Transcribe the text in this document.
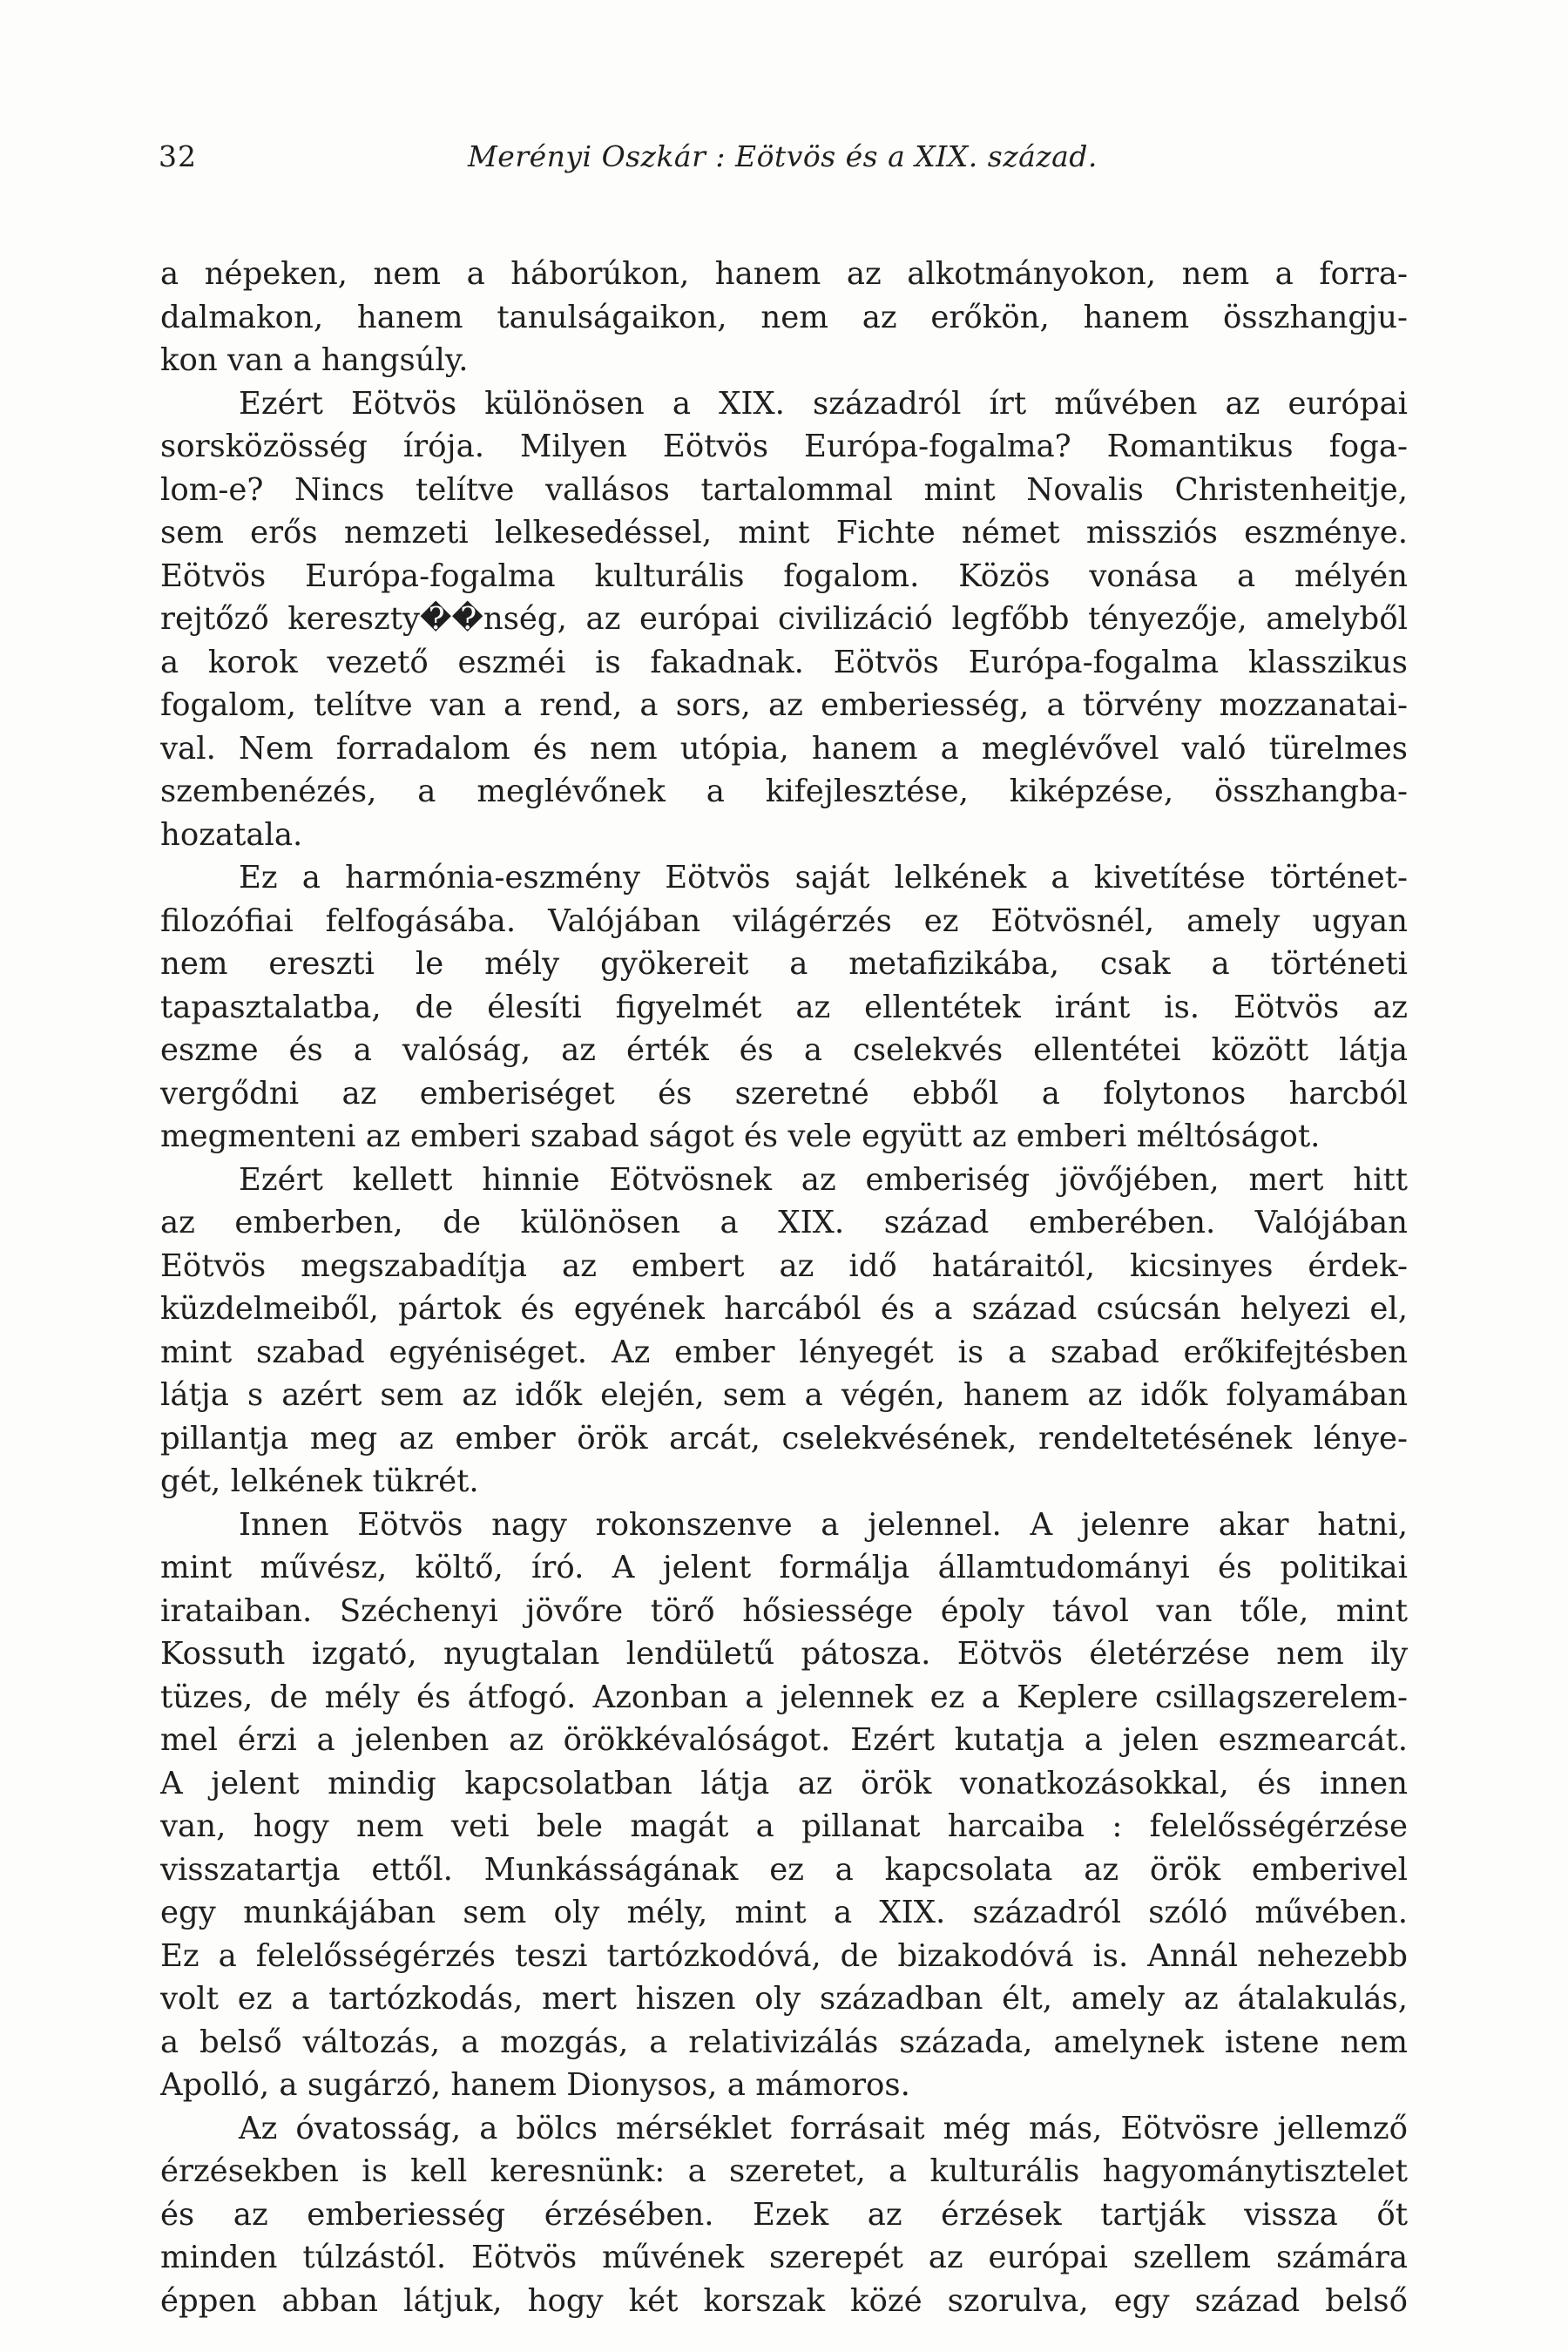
32	Merényi Oszkár : Eötvös és a XIX. század.
a népeken, nem a háborúkon, hanem az alkotmányokon, nem a forra-
dalmakon, hanem tanulságaikon, nem az erőkön, hanem összhangju-
kon van a hangsúly.
Ezért Eötvös különösen a XIX. századról írt művében az európai
sorsközösség írója. Milyen Eötvös Európa-fogalma? Romantikus foga-
lom-e? Nincs telítve vallásos tartalommal mint Novalis Christenheitje,
sem erős nemzeti lelkesedéssel, mint Fichte német missziós eszménye.
Eötvös Európa-fogalma kulturális fogalom. Közös vonása a mélyén
rejtőző kereszty��nség, az európai civilizáció legfőbb tényezője, amelyből
a korok vezető eszméi is fakadnak. Eötvös Európa-fogalma klasszikus
fogalom, telítve van a rend, a sors, az emberiesség, a törvény mozzanatai-
val. Nem forradalom és nem utópia, hanem a meglévővel való türelmes
szembenézés, a meglévőnek a kifejlesztése, kiképzése, összhangba-
hozatala.
Ez a harmónia-eszmény Eötvös saját lelkének a kivetítése történet-
filozófiai felfogásába. Valójában világérzés ez Eötvösnél, amely ugyan
nem ereszti le mély gyökereit a metafizikába, csak a történeti
tapasztalatba, de élesíti figyelmét az ellentétek iránt is. Eötvös az
eszme és a valóság, az érték és a cselekvés ellentétei között látja
vergődni az emberiséget és szeretné ebből a folytonos harcból
megmenteni az emberi szabad ságot és vele együtt az emberi méltóságot.
Ezért kellett hinnie Eötvösnek az emberiség jövőjében, mert hitt
az emberben, de különösen a XIX. század emberében. Valójában
Eötvös megszabadítja az embert az idő határaitól, kicsinyes érdek-
küzdelmeiből, pártok és egyének harcából és a század csúcsán helyezi el,
mint szabad egyéniséget. Az ember lényegét is a szabad erőkifejtésben
látja s azért sem az idők elején, sem a végén, hanem az idők folyamában
pillantja meg az ember örök arcát, cselekvésének, rendeltetésének lénye-
gét, lelkének tükrét.
Innen Eötvös nagy rokonszenve a jelennel. A jelenre akar hatni,
mint művész, költő, író. A jelent formálja államtudományi és politikai
irataiban. Széchenyi jövőre törő hősiessége époly távol van tőle, mint
Kossuth izgató, nyugtalan lendületű pátosza. Eötvös életérzése nem ily
tüzes, de mély és átfogó. Azonban a jelennek ez a Keplere csillagszerelem-
mel érzi a jelenben az örökkévalóságot. Ezért kutatja a jelen eszmearcát.
A jelent mindig kapcsolatban látja az örök vonatkozásokkal, és innen
van, hogy nem veti bele magát a pillanat harcaiba : felelősségérzése
visszatartja ettől. Munkásságának ez a kapcsolata az örök emberivel
egy munkájában sem oly mély, mint a XIX. századról szóló művében.
Ez a felelősségérzés teszi tartózkodóvá, de bizakodóvá is. Annál nehezebb
volt ez a tartózkodás, mert hiszen oly században élt, amely az átalakulás,
a belső változás, a mozgás, a relativizálás százada, amelynek istene nem
Apolló, a sugárzó, hanem Dionysos, a mámoros.
Az óvatosság, a bölcs mérséklet forrásait még más, Eötvösre jellemző
érzésekben is kell keresnünk: a szeretet, a kulturális hagyománytisztelet
és az emberiesség érzésében. Ezek az érzések tartják vissza őt
minden túlzástól. Eötvös művének szerepét az európai szellem számára
éppen abban látjuk, hogy két korszak közé szorulva, egy század belső
